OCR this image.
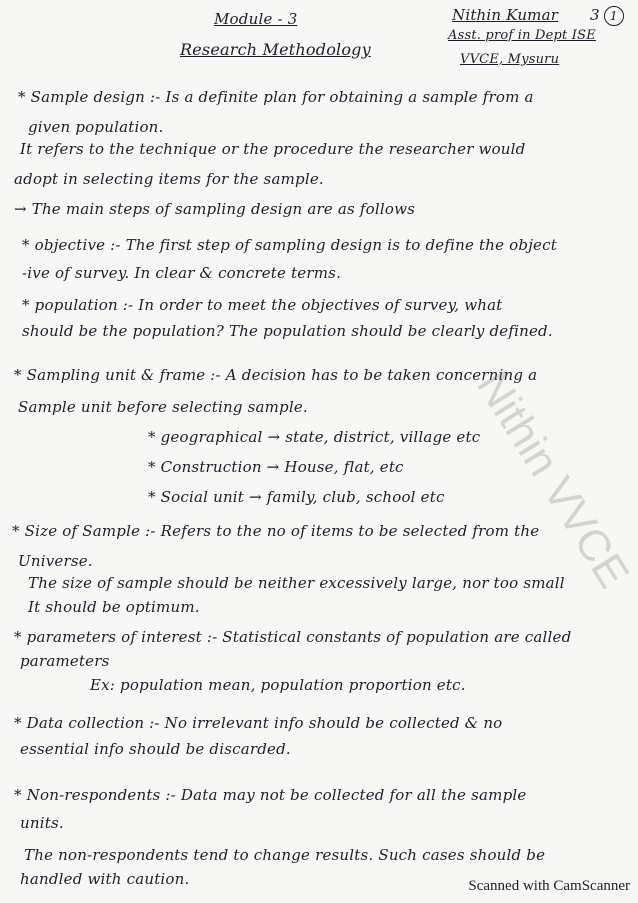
Module - 3
Research Methodology
Nithin Kumar 3 1
Asst. prof in Dept ISE
VVCE, Mysuru
* Sample design :- Is a definite plan for obtaining a sample from a
given population.
It refers to the technique or the procedure the researcher would
adopt in selecting items for the sample.
→ The main steps of sampling design are as follows
* objective :- The first step of sampling design is to define the object
-ive of survey. In clear & concrete terms.
* population :- In order to meet the objectives of survey, what
should be the population? The population should be clearly defined.
* Sampling unit & frame :- A decision has to be taken concerning a
Sample unit before selecting sample.
* geographical → state, district, village etc
* Construction → House, flat, etc
* Social unit → family, club, school etc
* Size of Sample :- Refers to the no of items to be selected from the
Universe.
The size of sample should be neither excessively large, nor too small
It should be optimum.
* parameters of interest :- Statistical constants of population are called
parameters
Ex: population mean, population proportion etc.
* Data collection :- No irrelevant info should be collected & no
essential info should be discarded.
* Non-respondents :- Data may not be collected for all the sample
units.
The non-respondents tend to change results. Such cases should be
handled with caution.
Nithin VVCE
Scanned with CamScanner
